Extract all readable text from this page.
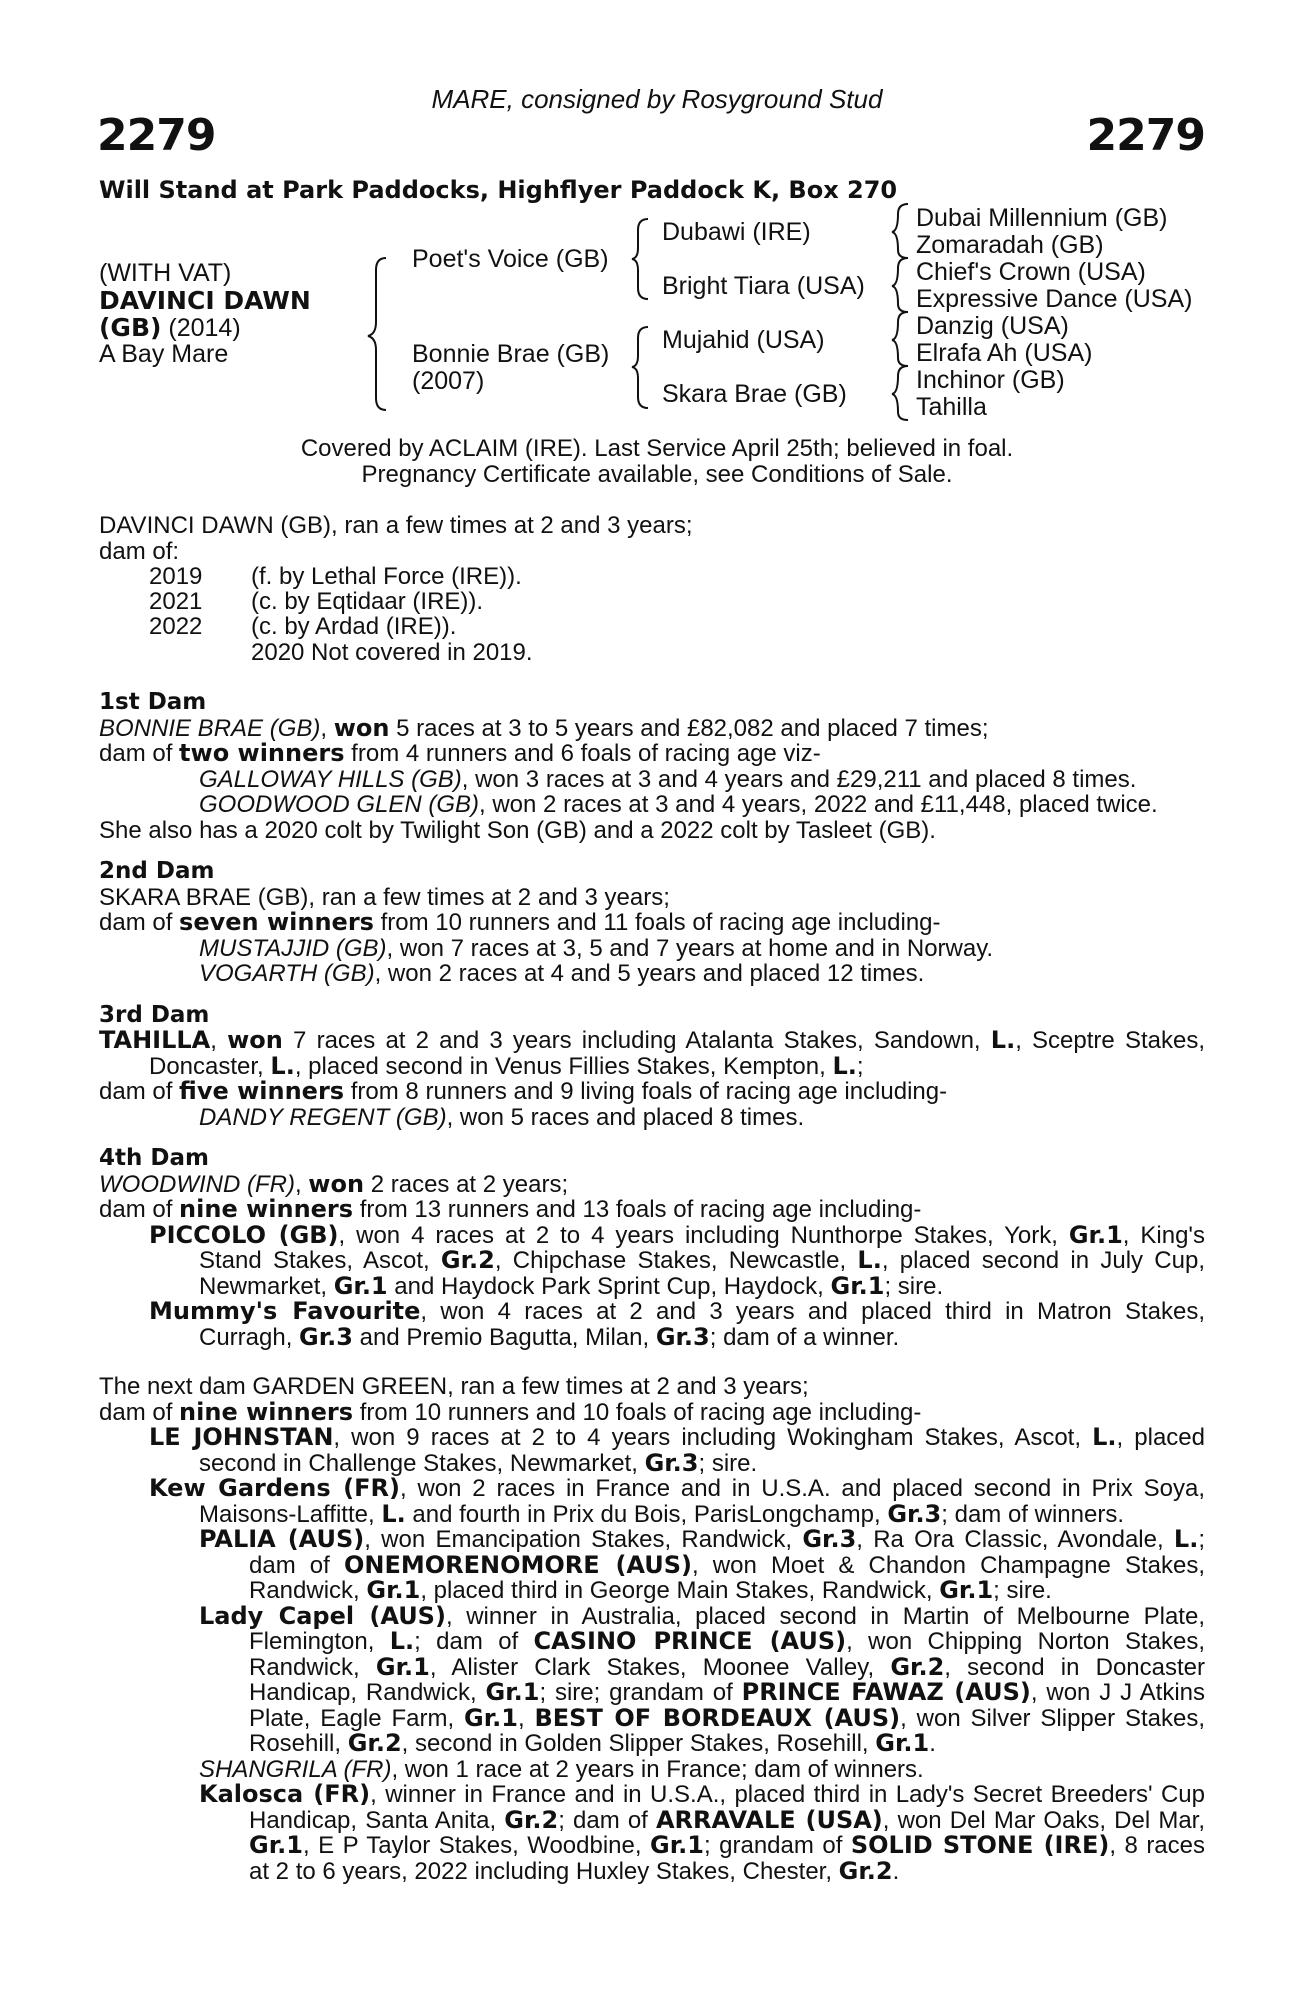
MARE, consigned by Rosyground Stud
2279	2279
Will Stand at Park Paddocks, Highflyer Paddock K, Box 270
(WITH VAT)
DAVINCI DAWN
(GB) (2014)
A Bay Mare
Poet's Voice (GB)
Bonnie Brae (GB)
(2007)
Dubawi (IRE)
Bright Tiara (USA)
Mujahid (USA)
Skara Brae (GB)
Dubai Millennium (GB)
Zomaradah (GB)
Chief's Crown (USA)
Expressive Dance (USA)
Danzig (USA)
Elrafa Ah (USA)
Inchinor (GB)
Tahilla
Covered by ACLAIM (IRE). Last Service April 25th; believed in foal.
Pregnancy Certificate available, see Conditions of Sale.
DAVINCI DAWN (GB), ran a few times at 2 and 3 years;
dam of:
2019 (f. by Lethal Force (IRE)).
2021 (c. by Eqtidaar (IRE)).
2022 (c. by Ardad (IRE)).
2020 Not covered in 2019.

1st Dam

BONNIE BRAE (GB), won 5 races at 3 to 5 years and £82,082 and placed 7 times;

dam of two winners from 4 runners and 6 foals of racing age viz-

GALLOWAY HILLS (GB), won 3 races at 3 and 4 years and £29,211 and placed 8 times.

GOODWOOD GLEN (GB), won 2 races at 3 and 4 years, 2022 and £11,448, placed twice.

She also has a 2020 colt by Twilight Son (GB) and a 2022 colt by Tasleet (GB).

2nd Dam

SKARA BRAE (GB), ran a few times at 2 and 3 years;

dam of seven winners from 10 runners and 11 foals of racing age including-

MUSTAJJID (GB), won 7 races at 3, 5 and 7 years at home and in Norway.

VOGARTH (GB), won 2 races at 4 and 5 years and placed 12 times.

3rd Dam

TAHILLA, won 7 races at 2 and 3 years including Atalanta Stakes, Sandown, L., Sceptre Stakes, Doncaster, L., placed second in Venus Fillies Stakes, Kempton, L.;

dam of five winners from 8 runners and 9 living foals of racing age including-

DANDY REGENT (GB), won 5 races and placed 8 times.

4th Dam

WOODWIND (FR), won 2 races at 2 years;

dam of nine winners from 13 runners and 13 foals of racing age including-

PICCOLO (GB), won 4 races at 2 to 4 years including Nunthorpe Stakes, York, Gr.1, King's Stand Stakes, Ascot, Gr.2, Chipchase Stakes, Newcastle, L., placed second in July Cup, Newmarket, Gr.1 and Haydock Park Sprint Cup, Haydock, Gr.1; sire.

Mummy's Favourite, won 4 races at 2 and 3 years and placed third in Matron Stakes, Curragh, Gr.3 and Premio Bagutta, Milan, Gr.3; dam of a winner.

The next dam GARDEN GREEN, ran a few times at 2 and 3 years;

dam of nine winners from 10 runners and 10 foals of racing age including-

LE JOHNSTAN, won 9 races at 2 to 4 years including Wokingham Stakes, Ascot, L., placed second in Challenge Stakes, Newmarket, Gr.3; sire.

Kew Gardens (FR), won 2 races in France and in U.S.A. and placed second in Prix Soya, Maisons-Laffitte, L. and fourth in Prix du Bois, ParisLongchamp, Gr.3; dam of winners.

PALIA (AUS), won Emancipation Stakes, Randwick, Gr.3, Ra Ora Classic, Avondale, L.; dam of ONEMORENOMORE (AUS), won Moet & Chandon Champagne Stakes, Randwick, Gr.1, placed third in George Main Stakes, Randwick, Gr.1; sire.

Lady Capel (AUS), winner in Australia, placed second in Martin of Melbourne Plate, Flemington, L.; dam of CASINO PRINCE (AUS), won Chipping Norton Stakes, Randwick, Gr.1, Alister Clark Stakes, Moonee Valley, Gr.2, second in Doncaster Handicap, Randwick, Gr.1; sire; grandam of PRINCE FAWAZ (AUS), won J J Atkins Plate, Eagle Farm, Gr.1, BEST OF BORDEAUX (AUS), won Silver Slipper Stakes, Rosehill, Gr.2, second in Golden Slipper Stakes, Rosehill, Gr.1.

SHANGRILA (FR), won 1 race at 2 years in France; dam of winners.

Kalosca (FR), winner in France and in U.S.A., placed third in Lady's Secret Breeders' Cup Handicap, Santa Anita, Gr.2; dam of ARRAVALE (USA), won Del Mar Oaks, Del Mar, Gr.1, E P Taylor Stakes, Woodbine, Gr.1; grandam of SOLID STONE (IRE), 8 races at 2 to 6 years, 2022 including Huxley Stakes, Chester, Gr.2.
